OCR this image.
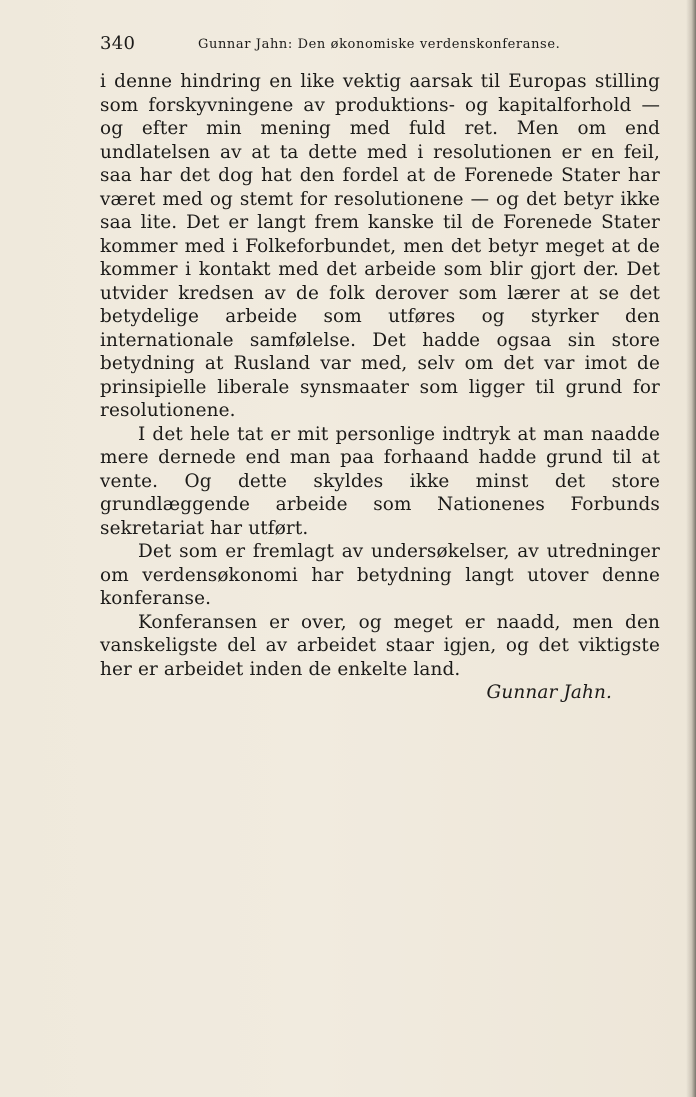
340	Gunnar Jahn: Den økonomiske verdenskonferanse.

i denne hindring en like vektig aarsak til Europas stilling som forskyvningene av produktions- og kapitalforhold — og efter min mening med fuld ret. Men om end undlatelsen av at ta dette med i resolutionen er en feil, saa har det dog hat den fordel at de Forenede Stater har været med og stemt for resolutionene — og det betyr ikke saa lite. Det er langt frem kanske til de Forenede Stater kommer med i Folkeforbundet, men det betyr meget at de kommer i kontakt med det arbeide som blir gjort der. Det utvider kredsen av de folk derover som lærer at se det betydelige arbeide som utføres og styrker den internationale samfølelse. Det hadde ogsaa sin store betydning at Rusland var med, selv om det var imot de prinsipielle liberale synsmaater som ligger til grund for resolutionene.

I det hele tat er mit personlige indtryk at man naadde mere dernede end man paa forhaand hadde grund til at vente. Og dette skyldes ikke minst det store grundlæggende arbeide som Nationenes Forbunds sekretariat har utført.

Det som er fremlagt av undersøkelser, av utredninger om verdensøkonomi har betydning langt utover denne konferanse.

Konferansen er over, og meget er naadd, men den vanskeligste del av arbeidet staar igjen, og det viktigste her er arbeidet inden de enkelte land.

Gunnar Jahn.
